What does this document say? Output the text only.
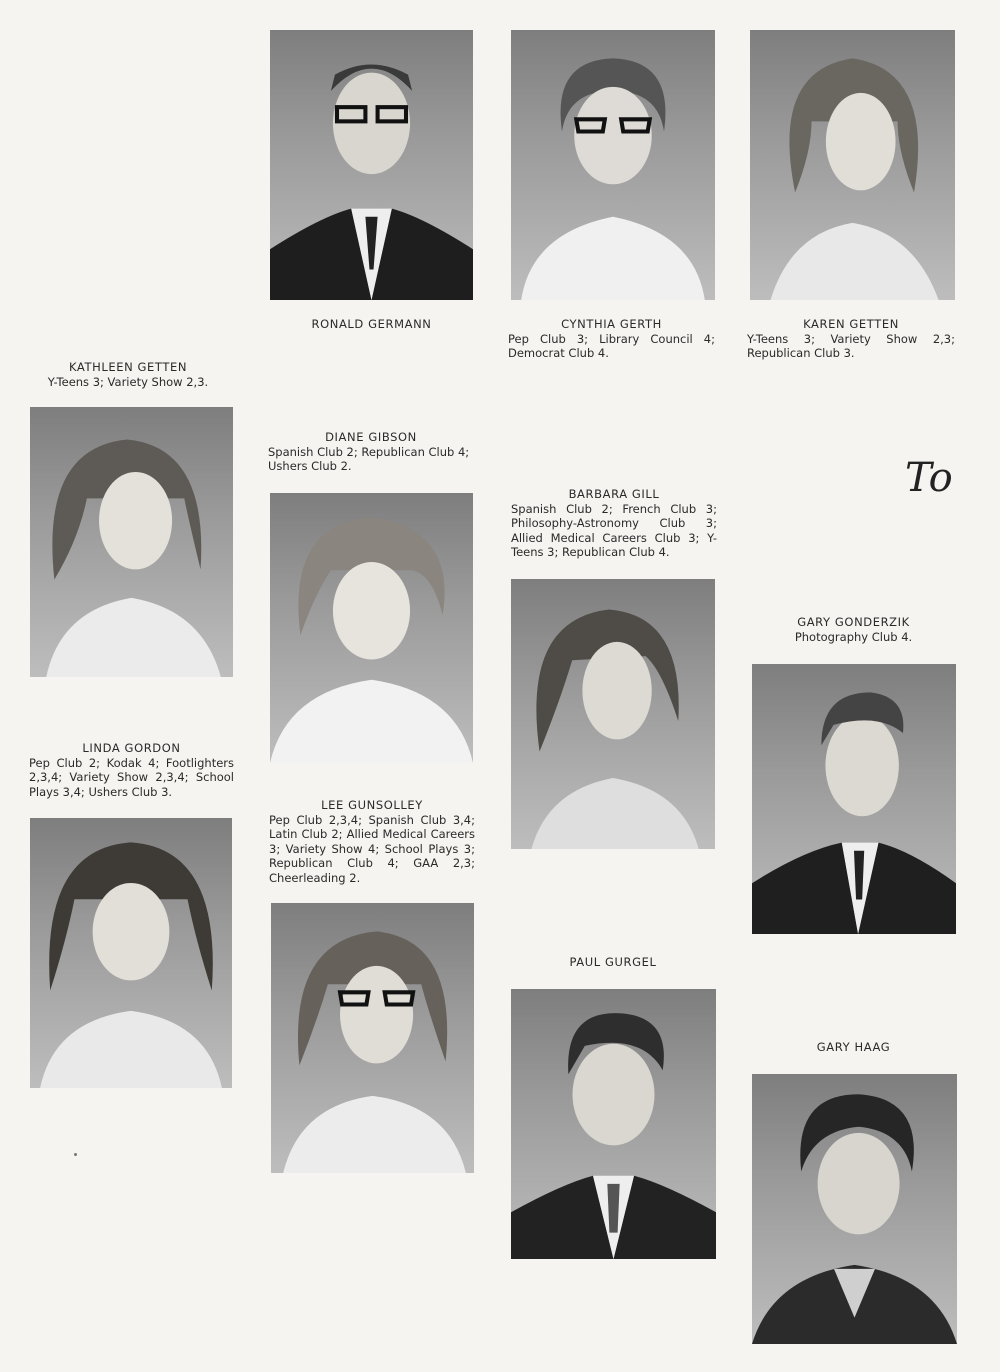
RONALD GERMANN	CYNTHIA GERTH
Pep Club 3; Library Council 4; Democrat Club 4.
KAREN GETTEN
Y-Teens 3; Variety Show 2,3; Republican Club 3.
KATHLEEN GETTEN
Y-Teens 3; Variety Show 2,3.
DIANE GIBSON
Spanish Club 2; Republican Club 4; Ushers Club 2.
BARBARA GILL
Spanish Club 2; French Club 3; Philosophy-Astronomy Club 3; Allied Medical Careers Club 3; Y-Teens 3; Republican Club 4.
To
GARY GONDERZIK
Photography Club 4.
LINDA GORDON
Pep Club 2; Kodak 4; Footlighters 2,3,4; Variety Show 2,3,4; School Plays 3,4; Ushers Club 3.
LEE GUNSOLLEY
Pep Club 2,3,4; Spanish Club 3,4; Latin Club 2; Allied Medical Careers 3; Variety Show 4; School Plays 3; Republican Club 4; GAA 2,3; Cheerleading 2.
PAUL GURGEL
GARY HAAG
